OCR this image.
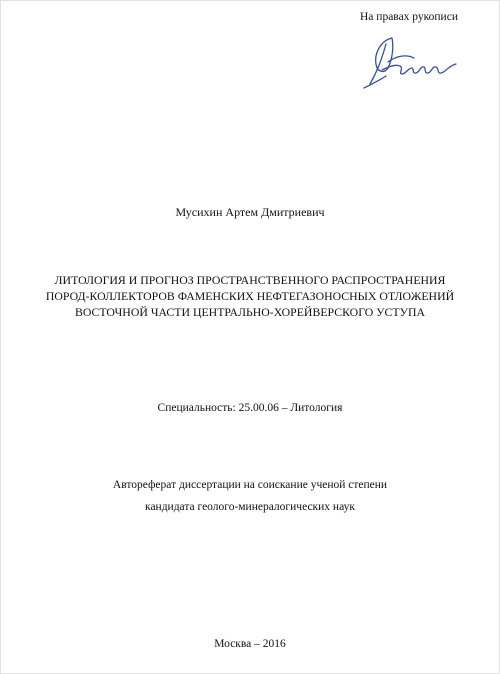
На правах рукописи
Мусихин Артем Дмитриевич
ЛИТОЛОГИЯ И ПРОГНОЗ ПРОСТРАНСТВЕННОГО РАСПРОСТРАНЕНИЯ
ПОРОД-КОЛЛЕКТОРОВ ФАМЕНСКИХ НЕФТЕГАЗОНОСНЫХ ОТЛОЖЕНИЙ
ВОСТОЧНОЙ ЧАСТИ ЦЕНТРАЛЬНО-ХОРЕЙВЕРСКОГО УСТУПА
Специальность: 25.00.06 – Литология
Автореферат диссертации на соискание ученой степени
кандидата геолого-минералогических наук
Москва – 2016
